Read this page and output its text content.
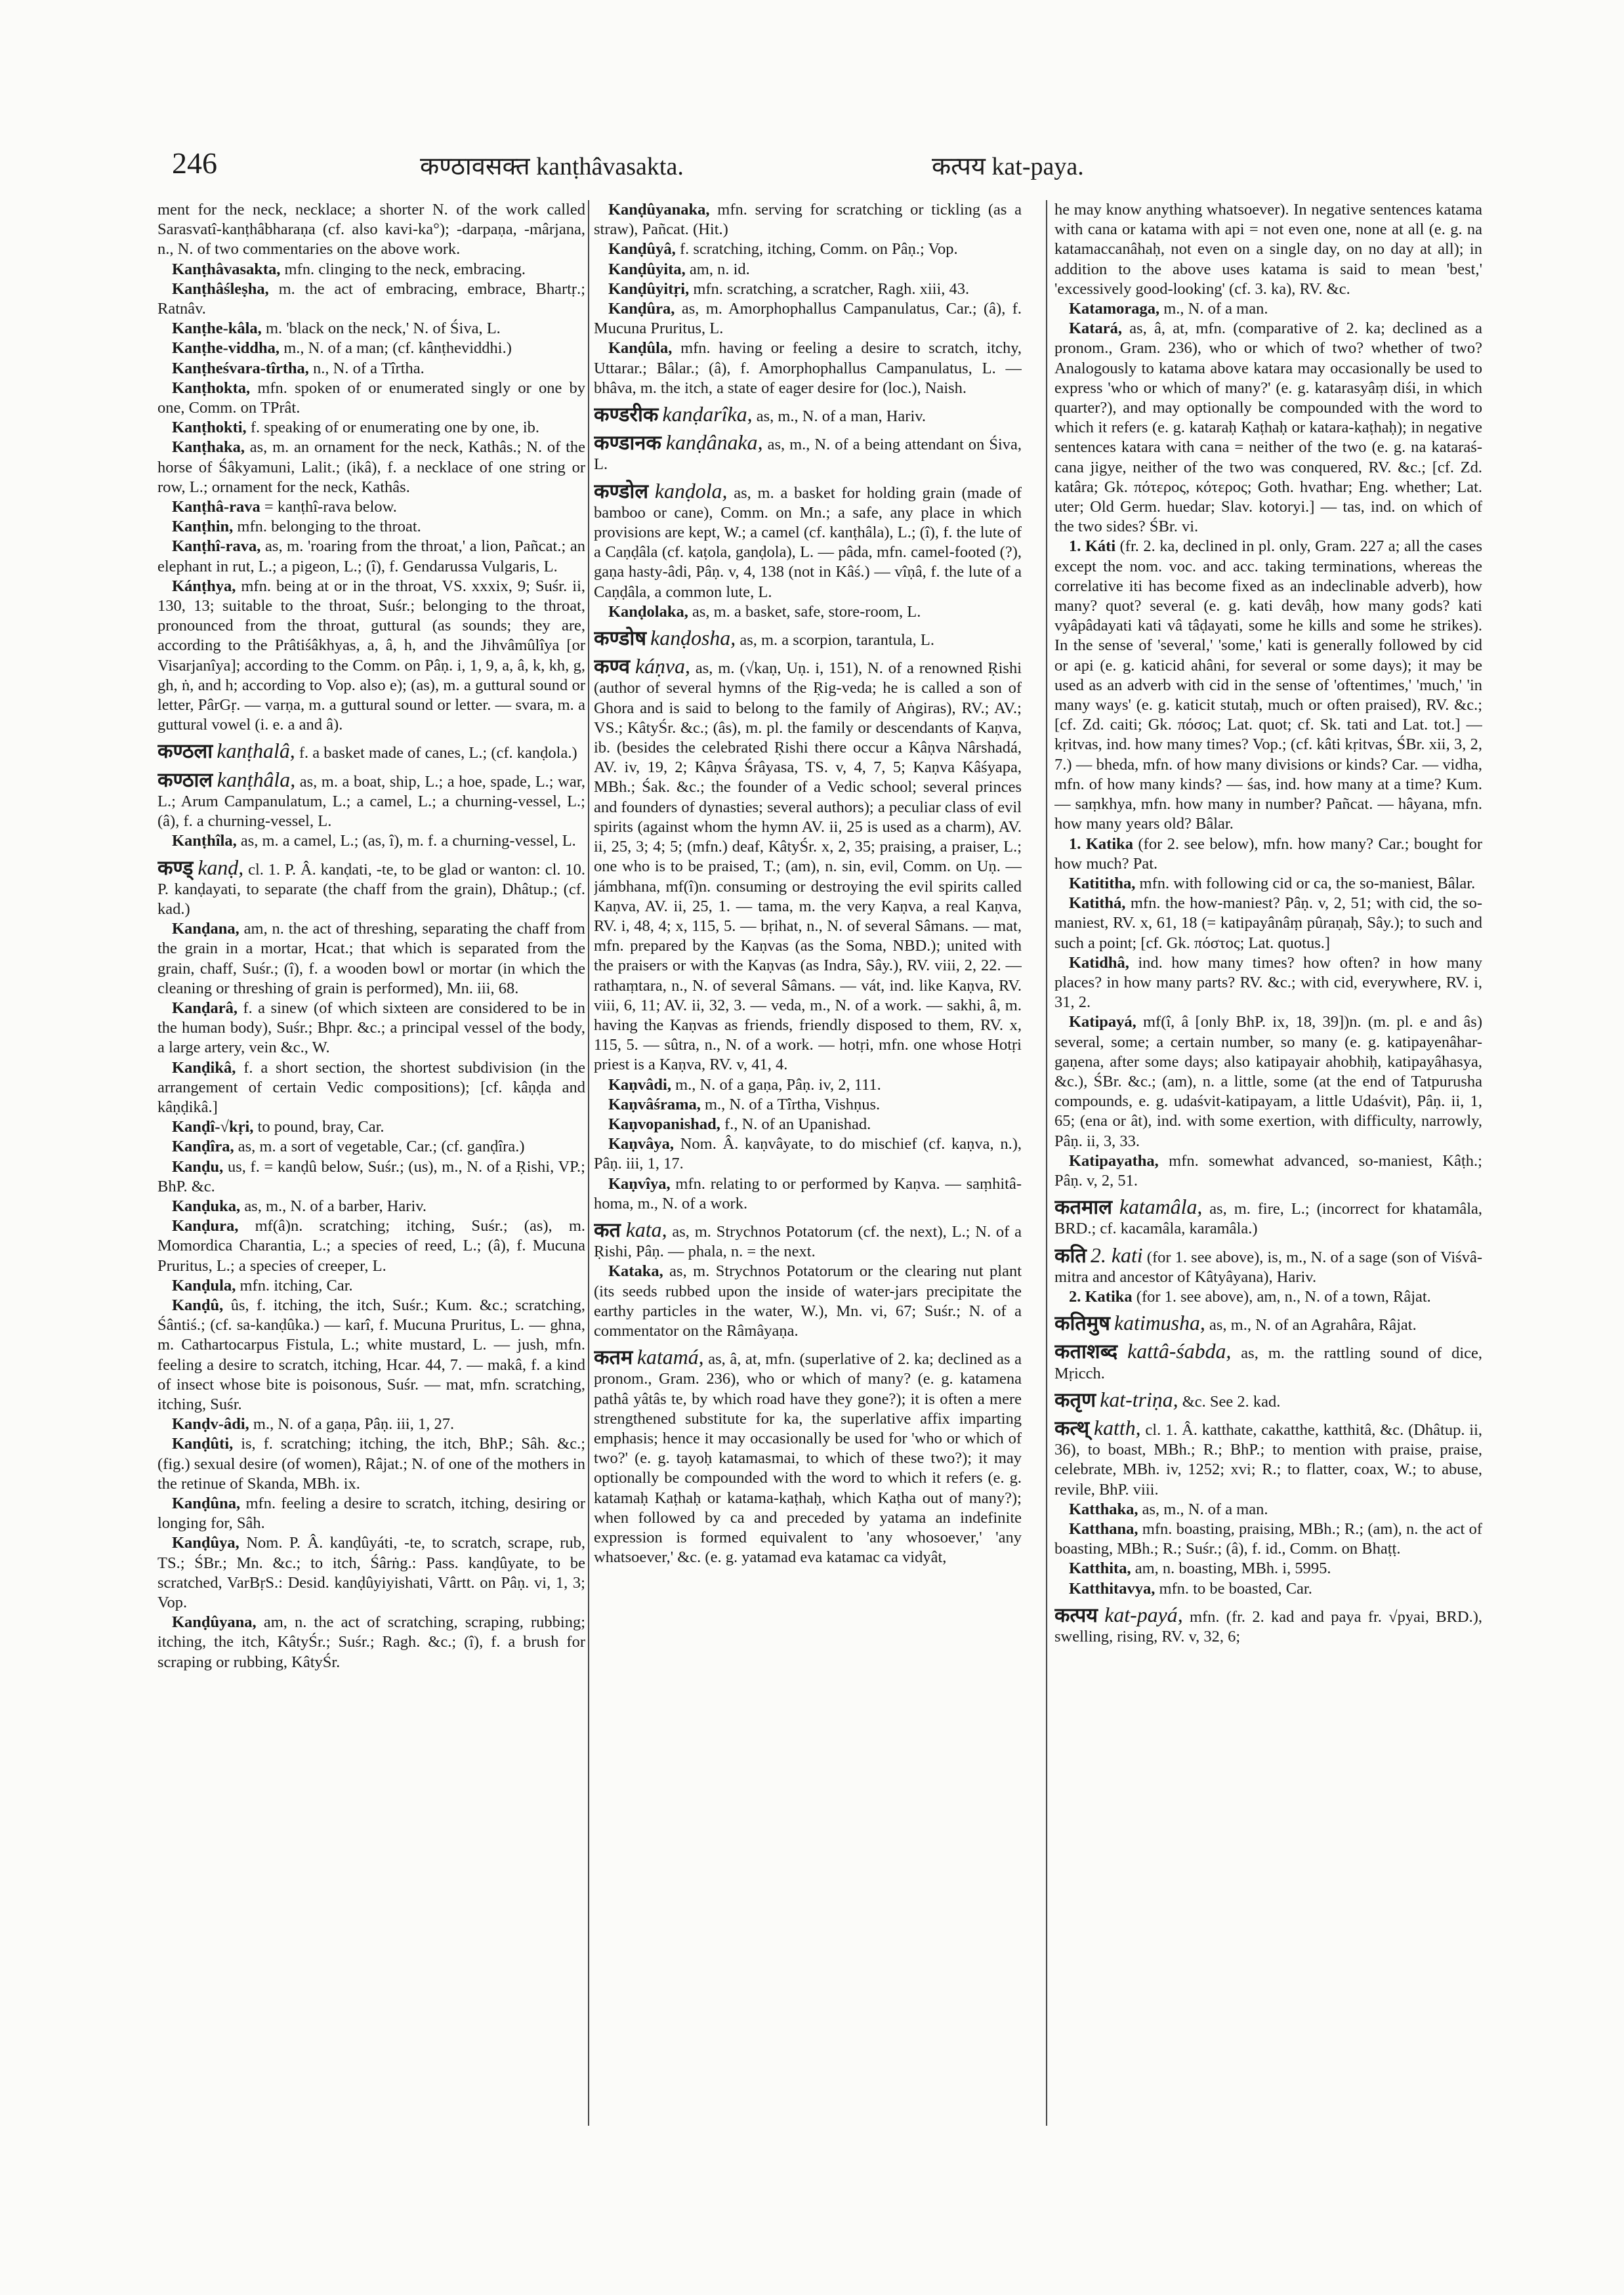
246	कण्ठावसक्त kanṭhâvasakta.	कत्पय kat-paya.

ment for the neck, necklace; a shorter N. of the work called Sarasvatî-kanṭhâbharaṇa (cf. also kavi-ka°); -darpaṇa, -mârjana, n., N. of two commentaries on the above work.

Kanṭhâvasakta, mfn. clinging to the neck, embracing.

Kanṭhâśleṣha, m. the act of embracing, embrace, Bhartṛ.; Ratnâv.

Kanṭhe-kâla, m. 'black on the neck,' N. of Śiva, L.

Kanṭhe-viddha, m., N. of a man; (cf. kânṭheviddhi.)

Kanṭheśvara-tîrtha, n., N. of a Tîrtha.

Kanṭhokta, mfn. spoken of or enumerated singly or one by one, Comm. on TPrât.

Kanṭhokti, f. speaking of or enumerating one by one, ib.

Kanṭhaka, as, m. an ornament for the neck, Kathâs.; N. of the horse of Śâkyamuni, Lalit.; (ikâ), f. a necklace of one string or row, L.; ornament for the neck, Kathâs.

Kanṭhâ-rava = kanṭhî-rava below.

Kanṭhin, mfn. belonging to the throat.

Kanṭhî-rava, as, m. 'roaring from the throat,' a lion, Pañcat.; an elephant in rut, L.; a pigeon, L.; (î), f. Gendarussa Vulgaris, L.

Kánṭhya, mfn. being at or in the throat, VS. xxxix, 9; Suśr. ii, 130, 13; suitable to the throat, Suśr.; belonging to the throat, pronounced from the throat, guttural (as sounds; they are, according to the Prâtiśâkhyas, a, â, h, and the Jihvâmûlîya [or Visarjanîya]; according to the Comm. on Pâṇ. i, 1, 9, a, â, k, kh, g, gh, ṅ, and h; according to Vop. also e); (as), m. a guttural sound or letter, PârGṛ. — varṇa, m. a guttural sound or letter. — svara, m. a guttural vowel (i. e. a and â).

कण्ठला kanṭhalâ, f. a basket made of canes, L.; (cf. kanḍola.)

कण्ठाल kanṭhâla, as, m. a boat, ship, L.; a hoe, spade, L.; war, L.; Arum Campanulatum, L.; a camel, L.; a churning-vessel, L.; (â), f. a churning-vessel, L.

Kanṭhîla, as, m. a camel, L.; (as, î), m. f. a churning-vessel, L.

कण्ड् kanḍ, cl. 1. P. Â. kanḍati, -te, to be glad or wanton: cl. 10. P. kanḍayati, to separate (the chaff from the grain), Dhâtup.; (cf. kad.)

Kanḍana, am, n. the act of threshing, separating the chaff from the grain in a mortar, Hcat.; that which is separated from the grain, chaff, Suśr.; (î), f. a wooden bowl or mortar (in which the cleaning or threshing of grain is performed), Mn. iii, 68.

Kanḍarâ, f. a sinew (of which sixteen are considered to be in the human body), Suśr.; Bhpr. &c.; a principal vessel of the body, a large artery, vein &c., W.

Kanḍikâ, f. a short section, the shortest subdivision (in the arrangement of certain Vedic compositions); [cf. kâṇḍa and kâṇḍikâ.]

Kanḍî-√kṛi, to pound, bray, Car.

Kanḍîra, as, m. a sort of vegetable, Car.; (cf. ganḍîra.)

Kanḍu, us, f. = kanḍû below, Suśr.; (us), m., N. of a Ṛishi, VP.; BhP. &c.

Kanḍuka, as, m., N. of a barber, Hariv.

Kanḍura, mf(â)n. scratching; itching, Suśr.; (as), m. Momordica Charantia, L.; a species of reed, L.; (â), f. Mucuna Pruritus, L.; a species of creeper, L.

Kanḍula, mfn. itching, Car.

Kanḍû, ûs, f. itching, the itch, Suśr.; Kum. &c.; scratching, Śântiś.; (cf. sa-kanḍûka.) — karî, f. Mucuna Pruritus, L. — ghna, m. Cathartocarpus Fistula, L.; white mustard, L. — jush, mfn. feeling a desire to scratch, itching, Hcar. 44, 7. — makâ, f. a kind of insect whose bite is poisonous, Suśr. — mat, mfn. scratching, itching, Suśr.

Kanḍv-âdi, m., N. of a gaṇa, Pâṇ. iii, 1, 27.

Kanḍûti, is, f. scratching; itching, the itch, BhP.; Sâh. &c.; (fig.) sexual desire (of women), Râjat.; N. of one of the mothers in the retinue of Skanda, MBh. ix.

Kanḍûna, mfn. feeling a desire to scratch, itching, desiring or longing for, Sâh.

Kanḍûya, Nom. P. Â. kanḍûyáti, -te, to scratch, scrape, rub, TS.; ŚBr.; Mn. &c.; to itch, Śârṅg.: Pass. kanḍûyate, to be scratched, VarBṛS.: Desid. kanḍûyiyishati, Vârtt. on Pâṇ. vi, 1, 3; Vop.

Kanḍûyana, am, n. the act of scratching, scraping, rubbing; itching, the itch, KâtyŚr.; Suśr.; Ragh. &c.; (î), f. a brush for scraping or rubbing, KâtyŚr.

Kanḍûyanaka, mfn. serving for scratching or tickling (as a straw), Pañcat. (Hit.)

Kanḍûyâ, f. scratching, itching, Comm. on Pâṇ.; Vop.

Kanḍûyita, am, n. id.

Kanḍûyitṛi, mfn. scratching, a scratcher, Ragh. xiii, 43.

Kanḍûra, as, m. Amorphophallus Campanulatus, Car.; (â), f. Mucuna Pruritus, L.

Kanḍûla, mfn. having or feeling a desire to scratch, itchy, Uttarar.; Bâlar.; (â), f. Amorphophallus Campanulatus, L. — bhâva, m. the itch, a state of eager desire for (loc.), Naish.

कण्डरीक kanḍarîka, as, m., N. of a man, Hariv.

कण्डानक kanḍânaka, as, m., N. of a being attendant on Śiva, L.

कण्डोल kanḍola, as, m. a basket for holding grain (made of bamboo or cane), Comm. on Mn.; a safe, any place in which provisions are kept, W.; a camel (cf. kanṭhâla), L.; (î), f. the lute of a Caṇḍâla (cf. kaṭola, ganḍola), L. — pâda, mfn. camel-footed (?), gaṇa hasty-âdi, Pâṇ. v, 4, 138 (not in Kâś.) — vîṇâ, f. the lute of a Caṇḍâla, a common lute, L.

Kanḍolaka, as, m. a basket, safe, store-room, L.

कण्डोष kanḍosha, as, m. a scorpion, tarantula, L.

कण्व káṇva, as, m. (√kaṇ, Uṇ. i, 151), N. of a renowned Ṛishi (author of several hymns of the Ṛig-veda; he is called a son of Ghora and is said to belong to the family of Aṅgiras), RV.; AV.; VS.; KâtyŚr. &c.; (âs), m. pl. the family or descendants of Kaṇva, ib. (besides the celebrated Ṛishi there occur a Kâṇva Nârshadá, AV. iv, 19, 2; Kâṇva Śrâyasa, TS. v, 4, 7, 5; Kaṇva Kâśyapa, MBh.; Śak. &c.; the founder of a Vedic school; several princes and founders of dynasties; several authors); a peculiar class of evil spirits (against whom the hymn AV. ii, 25 is used as a charm), AV. ii, 25, 3; 4; 5; (mfn.) deaf, KâtyŚr. x, 2, 35; praising, a praiser, L.; one who is to be praised, T.; (am), n. sin, evil, Comm. on Uṇ. — jámbhana, mf(î)n. consuming or destroying the evil spirits called Kaṇva, AV. ii, 25, 1. — tama, m. the very Kaṇva, a real Kaṇva, RV. i, 48, 4; x, 115, 5. — bṛihat, n., N. of several Sâmans. — mat, mfn. prepared by the Kaṇvas (as the Soma, NBD.); united with the praisers or with the Kaṇvas (as Indra, Sây.), RV. viii, 2, 22. — rathaṃtara, n., N. of several Sâmans. — vát, ind. like Kaṇva, RV. viii, 6, 11; AV. ii, 32, 3. — veda, m., N. of a work. — sakhi, â, m. having the Kaṇvas as friends, friendly disposed to them, RV. x, 115, 5. — sûtra, n., N. of a work. — hotṛi, mfn. one whose Hotṛi priest is a Kaṇva, RV. v, 41, 4.

Kaṇvâdi, m., N. of a gaṇa, Pâṇ. iv, 2, 111.

Kaṇvâśrama, m., N. of a Tîrtha, Vishṇus.

Kaṇvopanishad, f., N. of an Upanishad.

Kaṇvâya, Nom. Â. kaṇvâyate, to do mischief (cf. kaṇva, n.), Pâṇ. iii, 1, 17.

Kaṇvîya, mfn. relating to or performed by Kaṇva. — saṃhitâ-homa, m., N. of a work.

कत kata, as, m. Strychnos Potatorum (cf. the next), L.; N. of a Ṛishi, Pâṇ. — phala, n. = the next.

Kataka, as, m. Strychnos Potatorum or the clearing nut plant (its seeds rubbed upon the inside of water-jars precipitate the earthy particles in the water, W.), Mn. vi, 67; Suśr.; N. of a commentator on the Râmâyaṇa.

कतम katamá, as, â, at, mfn. (superlative of 2. ka; declined as a pronom., Gram. 236), who or which of many? (e. g. katamena pathâ yâtâs te, by which road have they gone?); it is often a mere strengthened substitute for ka, the superlative affix imparting emphasis; hence it may occasionally be used for 'who or which of two?' (e. g. tayoḥ katamasmai, to which of these two?); it may optionally be compounded with the word to which it refers (e. g. katamaḥ Kaṭhaḥ or katama-kaṭhaḥ, which Kaṭha out of many?); when followed by ca and preceded by yatama an indefinite expression is formed equivalent to 'any whosoever,' 'any whatsoever,' &c. (e. g. yatamad eva katamac ca vidyât,

he may know anything whatsoever). In negative sentences katama with cana or katama with api = not even one, none at all (e. g. na katamaccanâhaḥ, not even on a single day, on no day at all); in addition to the above uses katama is said to mean 'best,' 'excessively good-looking' (cf. 3. ka), RV. &c.

Katamoraga, m., N. of a man.

Katará, as, â, at, mfn. (comparative of 2. ka; declined as a pronom., Gram. 236), who or which of two? whether of two? Analogously to katama above katara may occasionally be used to express 'who or which of many?' (e. g. katarasyâṃ diśi, in which quarter?), and may optionally be compounded with the word to which it refers (e. g. kataraḥ Kaṭhaḥ or katara-kaṭhaḥ); in negative sentences katara with cana = neither of the two (e. g. na kataraś-cana jigye, neither of the two was conquered, RV. &c.; [cf. Zd. katâra; Gk. πότερος, κότερος; Goth. hvathar; Eng. whether; Lat. uter; Old Germ. huedar; Slav. kotoryi.] — tas, ind. on which of the two sides? ŚBr. vi.

1. Káti (fr. 2. ka, declined in pl. only, Gram. 227 a; all the cases except the nom. voc. and acc. taking terminations, whereas the correlative iti has become fixed as an indeclinable adverb), how many? quot? several (e. g. kati devâḥ, how many gods? kati vyâpâdayati kati vâ tâḍayati, some he kills and some he strikes). In the sense of 'several,' 'some,' kati is generally followed by cid or api (e. g. katicid ahâni, for several or some days); it may be used as an adverb with cid in the sense of 'oftentimes,' 'much,' 'in many ways' (e. g. katicit stutaḥ, much or often praised), RV. &c.; [cf. Zd. caiti; Gk. πόσος; Lat. quot; cf. Sk. tati and Lat. tot.] — kṛitvas, ind. how many times? Vop.; (cf. kâti kṛitvas, ŚBr. xii, 3, 2, 7.) — bheda, mfn. of how many divisions or kinds? Car. — vidha, mfn. of how many kinds? — śas, ind. how many at a time? Kum. — saṃkhya, mfn. how many in number? Pañcat. — hâyana, mfn. how many years old? Bâlar.

1. Katika (for 2. see below), mfn. how many? Car.; bought for how much? Pat.

Katititha, mfn. with following cid or ca, the so-maniest, Bâlar.

Katithá, mfn. the how-maniest? Pâṇ. v, 2, 51; with cid, the so-maniest, RV. x, 61, 18 (= katipayânâṃ pûraṇaḥ, Sây.); to such and such a point; [cf. Gk. πόστος; Lat. quotus.]

Katidhâ, ind. how many times? how often? in how many places? in how many parts? RV. &c.; with cid, everywhere, RV. i, 31, 2.

Katipayá, mf(î, â [only BhP. ix, 18, 39])n. (m. pl. e and âs) several, some; a certain number, so many (e. g. katipayenâhar-gaṇena, after some days; also katipayair ahobhiḥ, katipayâhasya, &c.), ŚBr. &c.; (am), n. a little, some (at the end of Tatpurusha compounds, e. g. udaśvit-katipayam, a little Udaśvit), Pâṇ. ii, 1, 65; (ena or ât), ind. with some exertion, with difficulty, narrowly, Pâṇ. ii, 3, 33.

Katipayatha, mfn. somewhat advanced, so-maniest, Kâṭh.; Pâṇ. v, 2, 51.

कतमाल katamâla, as, m. fire, L.; (incorrect for khatamâla, BRD.; cf. kacamâla, karamâla.)

कति 2. kati (for 1. see above), is, m., N. of a sage (son of Viśvâ-mitra and ancestor of Kâtyâyana), Hariv.

2. Katika (for 1. see above), am, n., N. of a town, Râjat.

कतिमुष katimusha, as, m., N. of an Agrahâra, Râjat.

कताशब्द kattâ-śabda, as, m. the rattling sound of dice, Mṛicch.

कतृण kat-triṇa, &c. See 2. kad.

कत्थ् katth, cl. 1. Â. katthate, cakatthe, katthitâ, &c. (Dhâtup. ii, 36), to boast, MBh.; R.; BhP.; to mention with praise, praise, celebrate, MBh. iv, 1252; xvi; R.; to flatter, coax, W.; to abuse, revile, BhP. viii.

Katthaka, as, m., N. of a man.

Katthana, mfn. boasting, praising, MBh.; R.; (am), n. the act of boasting, MBh.; R.; Suśr.; (â), f. id., Comm. on Bhaṭṭ.

Katthita, am, n. boasting, MBh. i, 5995.

Katthitavya, mfn. to be boasted, Car.

कत्पय kat-payá, mfn. (fr. 2. kad and paya fr. √pyai, BRD.), swelling, rising, RV. v, 32, 6;
